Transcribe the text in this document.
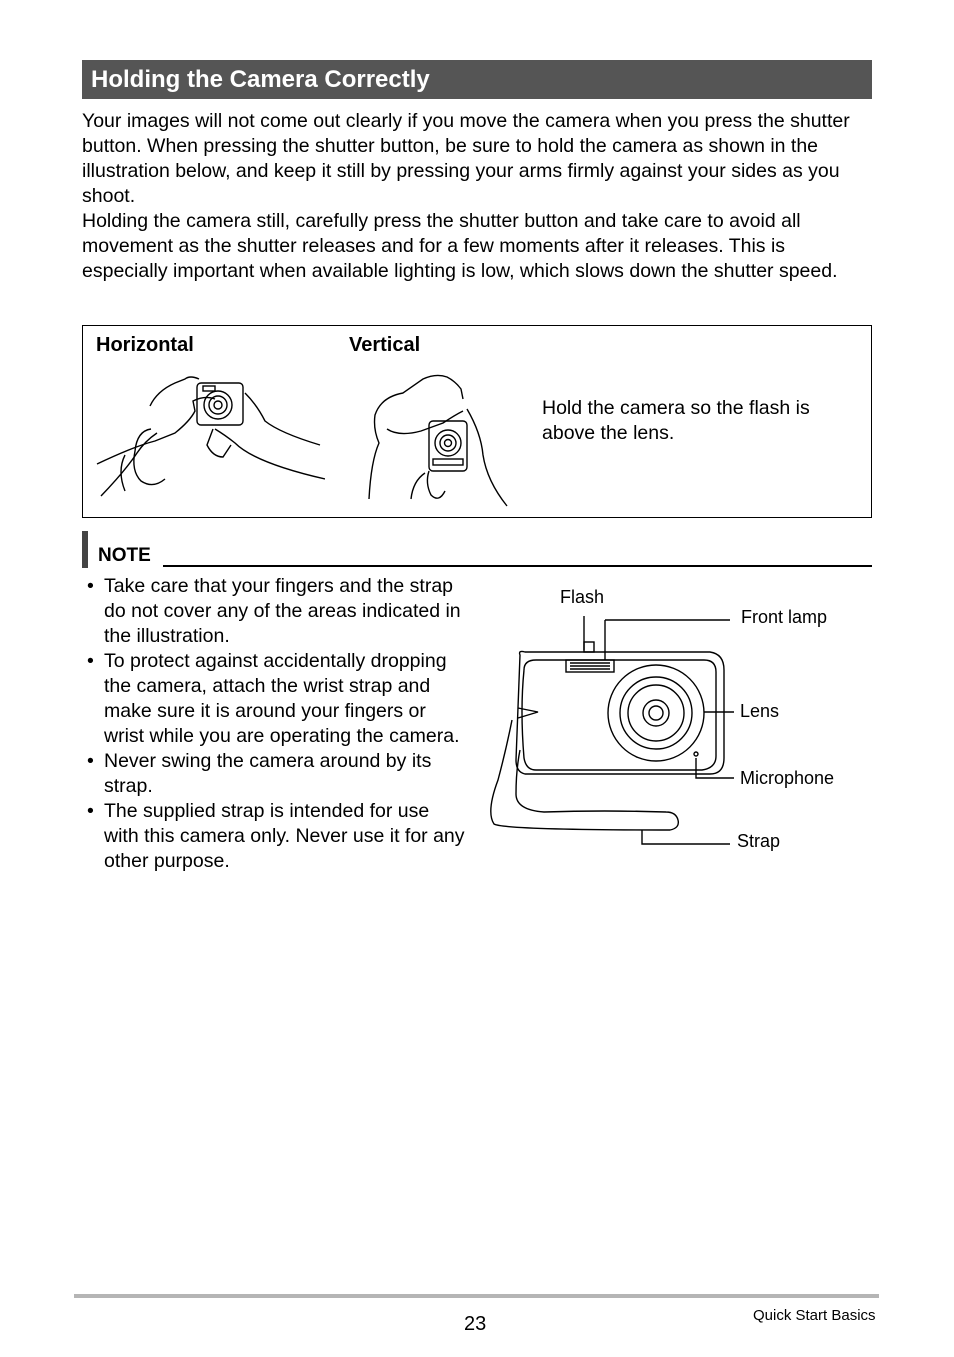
Holding the Camera Correctly

Your images will not come out clearly if you move the camera when you press the shutter button. When pressing the shutter button, be sure to hold the camera as shown in the illustration below, and keep it still by pressing your arms firmly against your sides as you shoot.

Holding the camera still, carefully press the shutter button and take care to avoid all movement as the shutter releases and for a few moments after it releases. This is especially important when available lighting is low, which slows down the shutter speed.

Horizontal	Vertical
Hold the camera so the flash is above the lens.
NOTE
• Take care that your fingers and the strap do not cover any of the areas indicated in the illustration.
• To protect against accidentally dropping the camera, attach the wrist strap and make sure it is around your fingers or wrist while you are operating the camera.
• Never swing the camera around by its strap.
• The supplied strap is intended for use with this camera only. Never use it for any other purpose.
Flash
Front lamp
Lens
Microphone
Strap
23	Quick Start Basics
